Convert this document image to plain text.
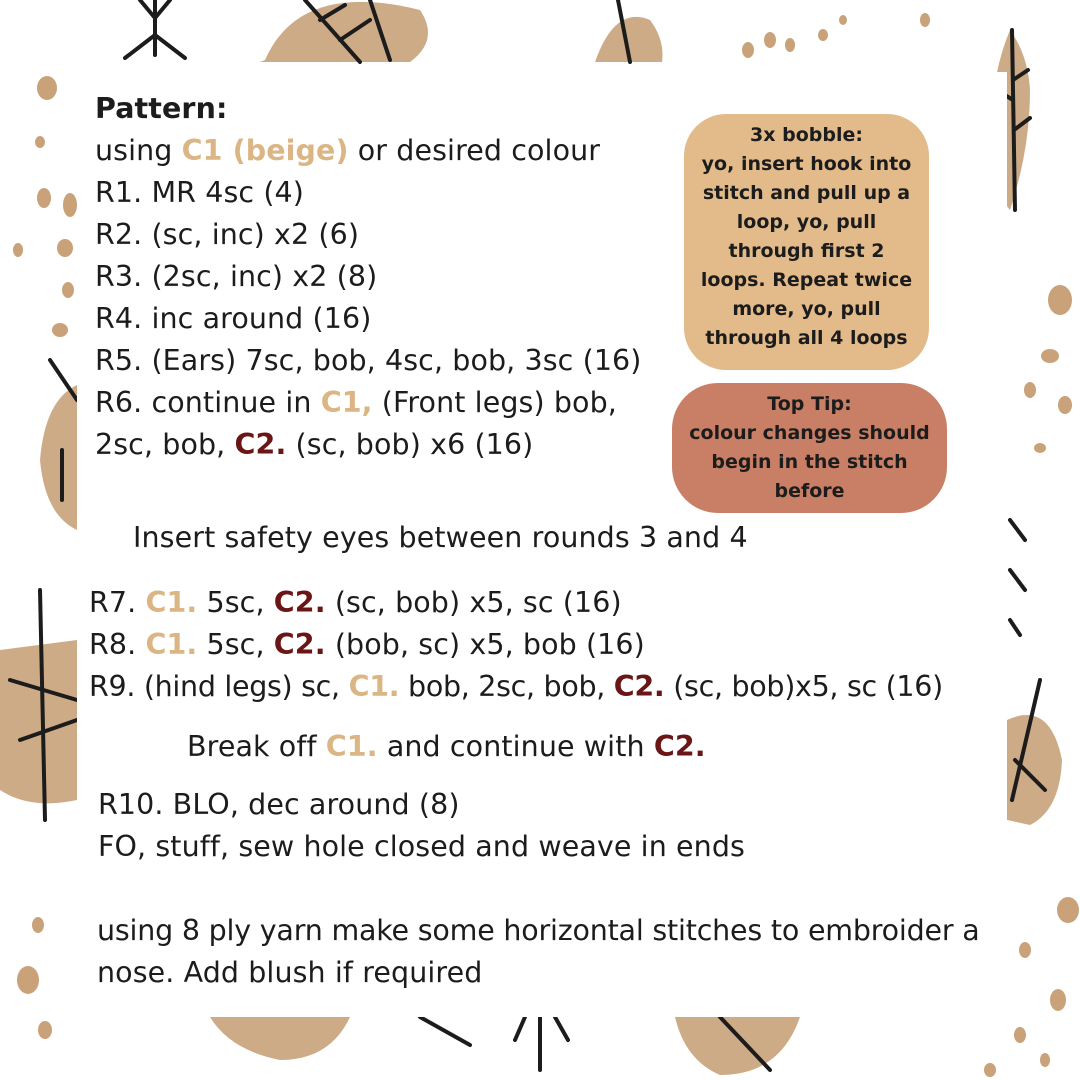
Pattern:
using C1 (beige) or desired colour
R1. MR 4sc (4)
R2. (sc, inc) x2 (6)
R3. (2sc, inc) x2 (8)
R4. inc around (16)
R5. (Ears) 7sc, bob, 4sc, bob, 3sc (16)
R6. continue in C1, (Front legs) bob,
2sc, bob, C2. (sc, bob) x6 (16)
Insert safety eyes between rounds 3 and 4
R7. C1. 5sc, C2. (sc, bob) x5, sc (16)
R8. C1. 5sc, C2. (bob, sc) x5, bob (16)
R9. (hind legs) sc, C1. bob, 2sc, bob, C2. (sc, bob)x5, sc (16)
Break off C1. and continue with C2.
R10. BLO, dec around (8)
FO, stuff, sew hole closed and weave in ends
using 8 ply yarn make some horizontal stitches to embroider a
nose. Add blush if required
3x bobble:
yo, insert hook into
stitch and pull up a
loop, yo, pull
through first 2
loops. Repeat twice
more, yo, pull
through all 4 loops
Top Tip:
colour changes should
begin in the stitch
before
